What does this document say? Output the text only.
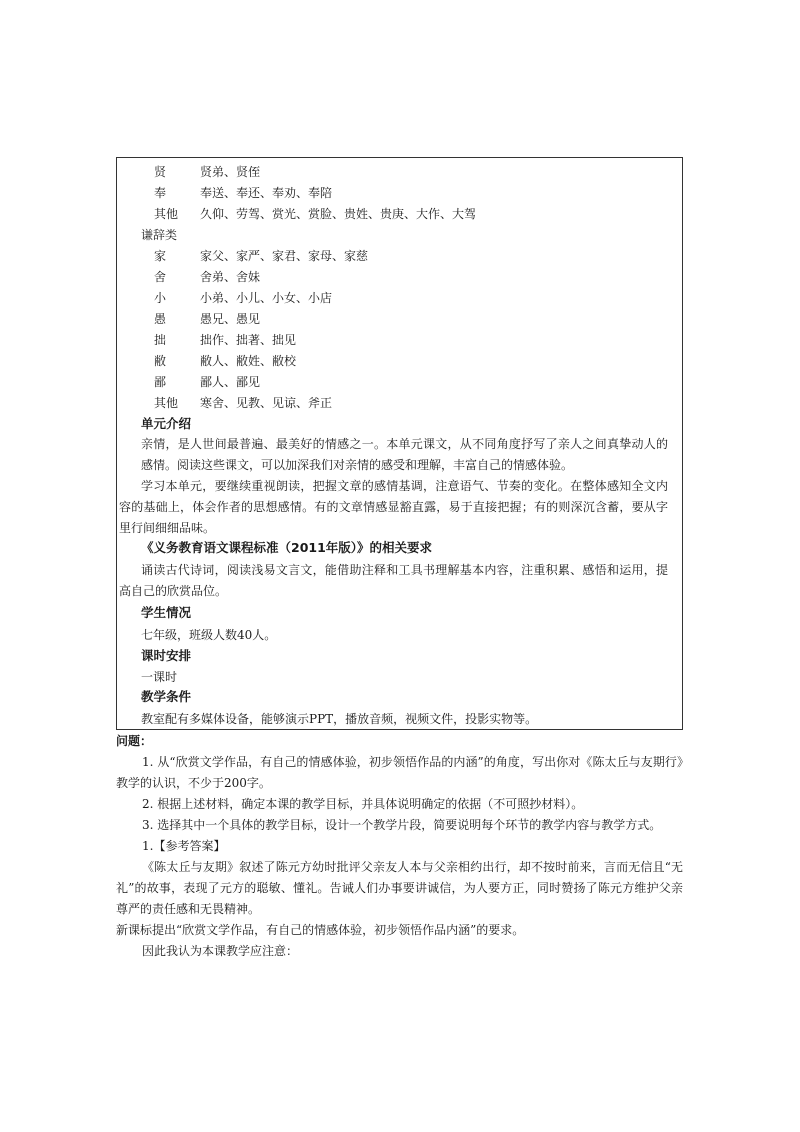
贤	贤弟、贤侄
奉	奉送、奉还、奉劝、奉陪
其他 久仰、劳驾、赏光、赏脸、贵姓、贵庚、大作、大驾
谦辞类
家	家父、家严、家君、家母、家慈
舍	舍弟、舍妹
小	小弟、小儿、小女、小店
愚	愚兄、愚见
拙	拙作、拙著、拙见
敝	敝人、敝姓、敝校
鄙	鄙人、鄙见
其他 寒舍、见教、见谅、斧正
单元介绍
亲情，是人世间最普遍、最美好的情感之一。本单元课文，从不同角度抒写了亲人之间真挚动人的感情。阅读这些课文，可以加深我们对亲情的感受和理解，丰富自己的情感体验。
学习本单元，要继续重视朗读，把握文章的感情基调，注意语气、节奏的变化。在整体感知全文内容的基础上，体会作者的思想感情。有的文章情感显豁直露，易于直接把握；有的则深沉含蓄，要从字里行间细细品味。
《义务教育语文课程标准（2011年版）》的相关要求
诵读古代诗词，阅读浅易文言文，能借助注释和工具书理解基本内容，注重积累、感悟和运用，提高自己的欣赏品位。
学生情况
七年级，班级人数40人。
课时安排
一课时
教学条件
教室配有多媒体设备，能够演示PPT，播放音频，视频文件，投影实物等。
问题：
1. 从“欣赏文学作品，有自己的情感体验，初步领悟作品的内涵”的角度，写出你对《陈太丘与友期行》教学的认识，不少于200字。
2. 根据上述材料，确定本课的教学目标，并具体说明确定的依据（不可照抄材料）。
3. 选择其中一个具体的教学目标，设计一个教学片段，简要说明每个环节的教学内容与教学方式。
1.【参考答案】
《陈太丘与友期》叙述了陈元方幼时批评父亲友人本与父亲相约出行，却不按时前来，言而无信且“无礼”的故事，表现了元方的聪敏、懂礼。告诫人们办事要讲诚信，为人要方正，同时赞扬了陈元方维护父亲尊严的责任感和无畏精神。
新课标提出“欣赏文学作品，有自己的情感体验，初步领悟作品内涵”的要求。
因此我认为本课教学应注意：
